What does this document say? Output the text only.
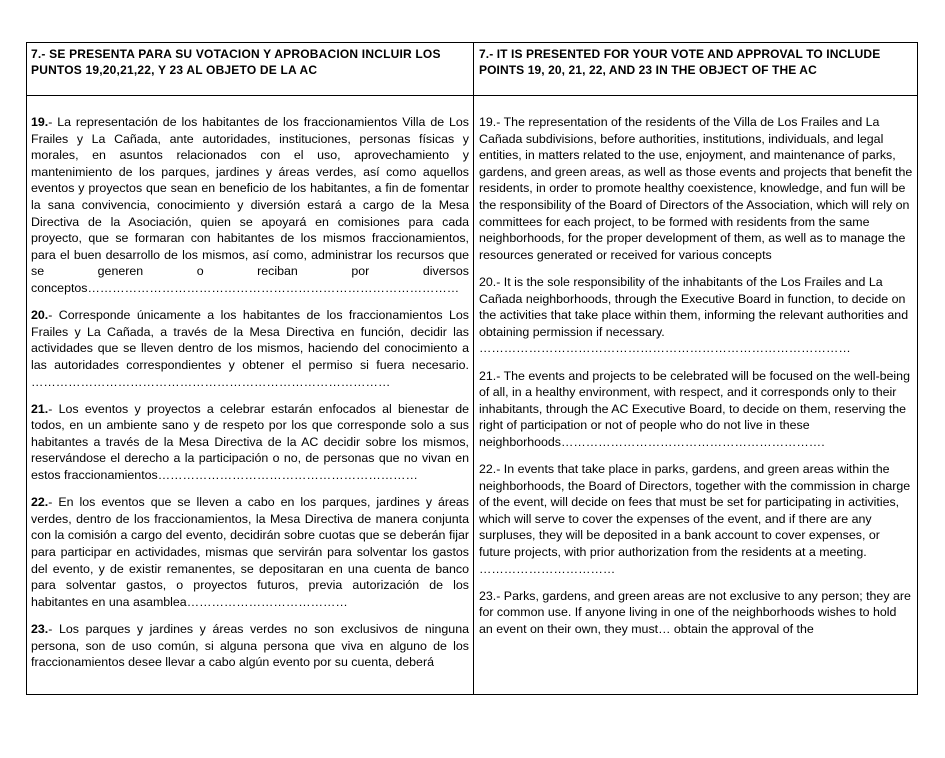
7.- SE PRESENTA PARA SU VOTACION Y APROBACION INCLUIR LOS PUNTOS 19,20,21,22, Y 23 AL OBJETO DE LA AC
7.- IT IS PRESENTED FOR YOUR VOTE AND APPROVAL TO INCLUDE POINTS 19, 20, 21, 22, AND 23 IN THE OBJECT OF THE AC

19.- La representación de los habitantes de los fraccionamientos Villa de Los Frailes y La Cañada, ante autoridades, instituciones, personas físicas y morales, en asuntos relacionados con el uso, aprovechamiento y mantenimiento de los parques, jardines y áreas verdes, así como aquellos eventos y proyectos que sean en beneficio de los habitantes, a fin de fomentar la sana convivencia, conocimiento y diversión estará a cargo de la Mesa Directiva de la Asociación, quien se apoyará en comisiones para cada proyecto, que se formaran con habitantes de los mismos fraccionamientos, para el buen desarrollo de los mismos, así como, administrar los recursos que se generen o reciban por diversos conceptos………………………………………………………………………………

20.- Corresponde únicamente a los habitantes de los fraccionamientos Los Frailes y La Cañada, a través de la Mesa Directiva en función, decidir las actividades que se lleven dentro de los mismos, haciendo del conocimiento a las autoridades correspondientes y obtener el permiso si fuera necesario. ……………………………………………………………………………

21.- Los eventos y proyectos a celebrar estarán enfocados al bienestar de todos, en un ambiente sano y de respeto por los que corresponde solo a sus habitantes a través de la Mesa Directiva de la AC decidir sobre los mismos, reservándose el derecho a la participación o no, de personas que no vivan en estos fraccionamientos………………………………………………………

22.- En los eventos que se lleven a cabo en los parques, jardines y áreas verdes, dentro de los fraccionamientos, la Mesa Directiva de manera conjunta con la comisión a cargo del evento, decidirán sobre cuotas que se deberán fijar para participar en actividades, mismas que servirán para solventar los gastos del evento, y de existir remanentes, se depositaran en una cuenta de banco para solventar gastos, o proyectos futuros, previa autorización de los habitantes en una asamblea…………………………………

23.- Los parques y jardines y áreas verdes no son exclusivos de ninguna persona, son de uso común, si alguna persona que viva en alguno de los fraccionamientos desee llevar a cabo algún evento por su cuenta, deberá

19.- The representation of the residents of the Villa de Los Frailes and La Cañada subdivisions, before authorities, institutions, individuals, and legal entities, in matters related to the use, enjoyment, and maintenance of parks, gardens, and green areas, as well as those events and projects that benefit the residents, in order to promote healthy coexistence, knowledge, and fun will be the responsibility of the Board of Directors of the Association, which will rely on committees for each project, to be formed with residents from the same neighborhoods, for the proper development of them, as well as to manage the resources generated or received for various concepts

20.- It is the sole responsibility of the inhabitants of the Los Frailes and La Cañada neighborhoods, through the Executive Board in function, to decide on the activities that take place within them, informing the relevant authorities and obtaining permission if necessary. ………………………………………………………………………………

21.- The events and projects to be celebrated will be focused on the well-being of all, in a healthy environment, with respect, and it corresponds only to their inhabitants, through the AC Executive Board, to decide on them, reserving the right of participation or not of people who do not live in these neighborhoods……………………………………………………….

22.- In events that take place in parks, gardens, and green areas within the neighborhoods, the Board of Directors, together with the commission in charge of the event, will decide on fees that must be set for participating in activities, which will serve to cover the expenses of the event, and if there are any surpluses, they will be deposited in a bank account to cover expenses, or future projects, with prior authorization from the residents at a meeting. ……………………………

23.- Parks, gardens, and green areas are not exclusive to any person; they are for common use. If anyone living in one of the neighborhoods wishes to hold an event on their own, they must… obtain the approval of the
